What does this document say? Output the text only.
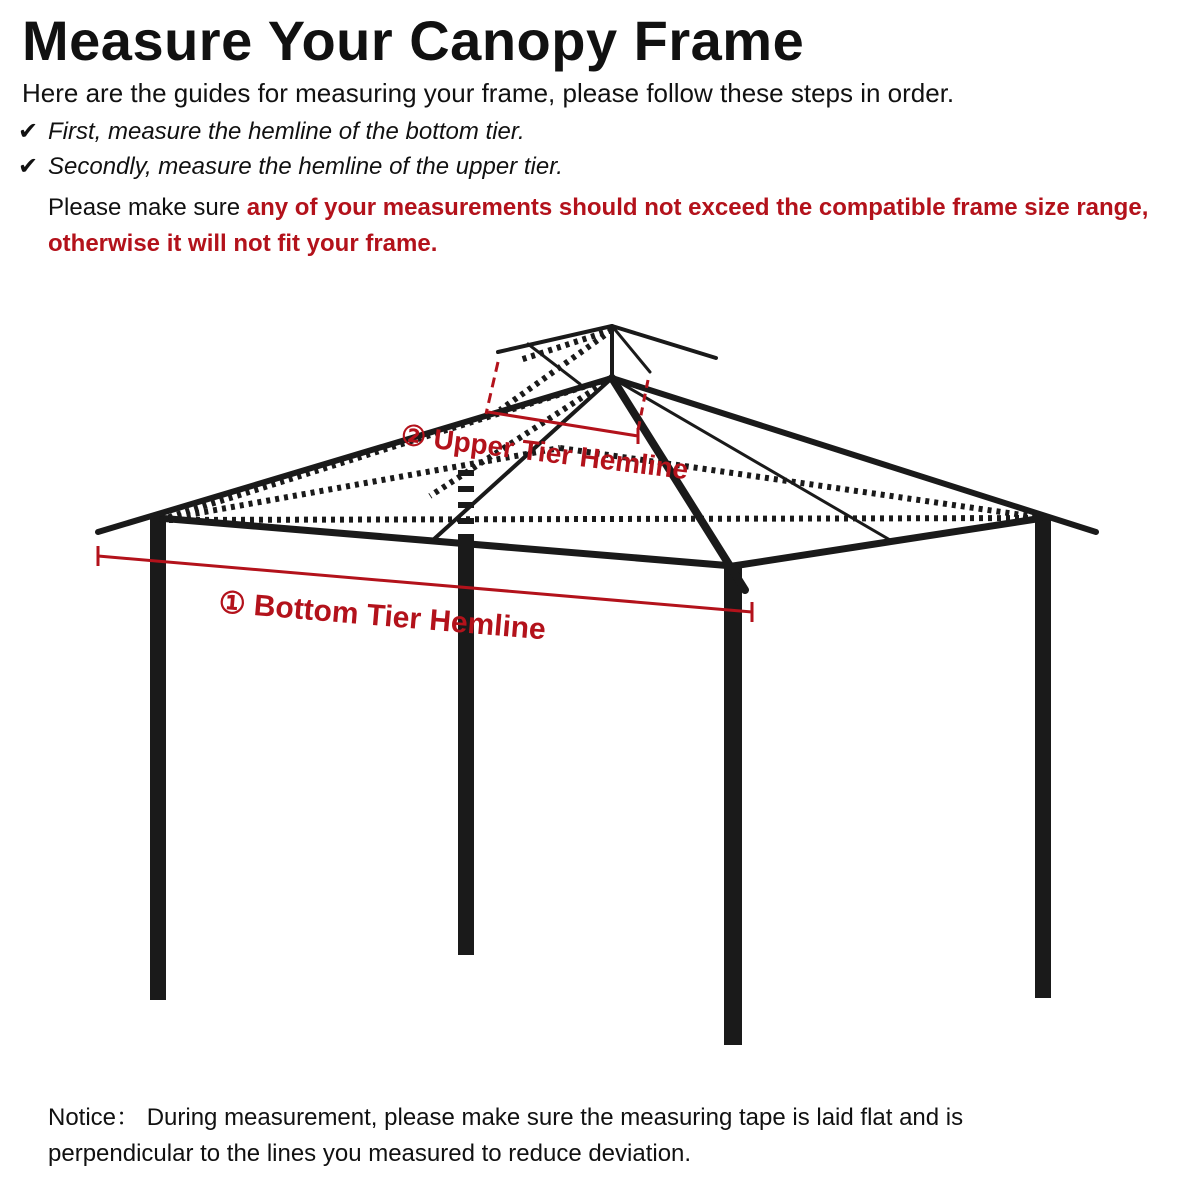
Measure Your Canopy Frame
Here are the guides for measuring your frame, please follow these steps in order.
✔ First, measure the hemline of the bottom tier.
✔ Secondly, measure the hemline of the upper tier.
Please make sure any of your measurements should not exceed the compatible frame size range, otherwise it will not fit your frame.
② Upper Tier Hemline
① Bottom Tier Hemline
Notice： During measurement, please make sure the measuring tape is laid flat and is perpendicular to the lines you measured to reduce deviation.
